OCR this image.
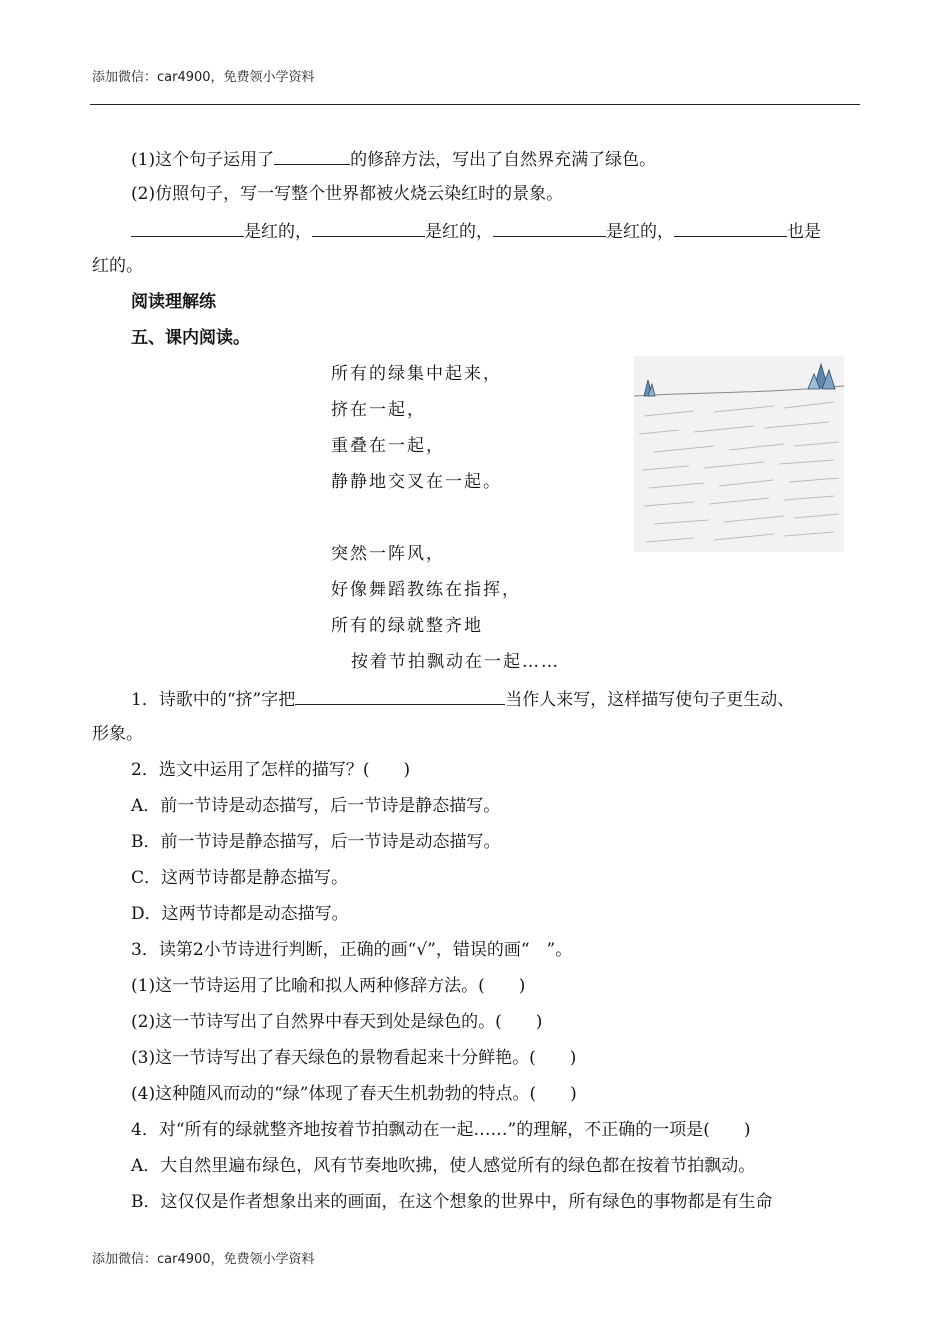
添加微信：car4900，免费领小学资料
(1)这个句子运用了	的修辞方法，写出了自然界充满了绿色。
(2)仿照句子，写一写整个世界都被火烧云染红时的景象。
是红的，	是红的，	是红的，	也是
红的。
阅读理解练
五、课内阅读。
所有的绿集中起来，
挤在一起，
重叠在一起，
静静地交叉在一起。
突然一阵风，
好像舞蹈教练在指挥，
所有的绿就整齐地
按着节拍飘动在一起……
1．诗歌中的“挤”字把	当作人来写，这样描写使句子更生动、
形象。
2．选文中运用了怎样的描写？(　　)
A．前一节诗是动态描写，后一节诗是静态描写。
B．前一节诗是静态描写，后一节诗是动态描写。
C．这两节诗都是静态描写。
D．这两节诗都是动态描写。
3．读第2小节诗进行判断，正确的画“√”，错误的画“　”。
(1)这一节诗运用了比喻和拟人两种修辞方法。(　　)
(2)这一节诗写出了自然界中春天到处是绿色的。(　　)
(3)这一节诗写出了春天绿色的景物看起来十分鲜艳。(　　)
(4)这种随风而动的“绿”体现了春天生机勃勃的特点。(　　)
4．对“所有的绿就整齐地按着节拍飘动在一起……”的理解，不正确的一项是(　　)
A．大自然里遍布绿色，风有节奏地吹拂，使人感觉所有的绿色都在按着节拍飘动。
B．这仅仅是作者想象出来的画面，在这个想象的世界中，所有绿色的事物都是有生命
添加微信：car4900，免费领小学资料
